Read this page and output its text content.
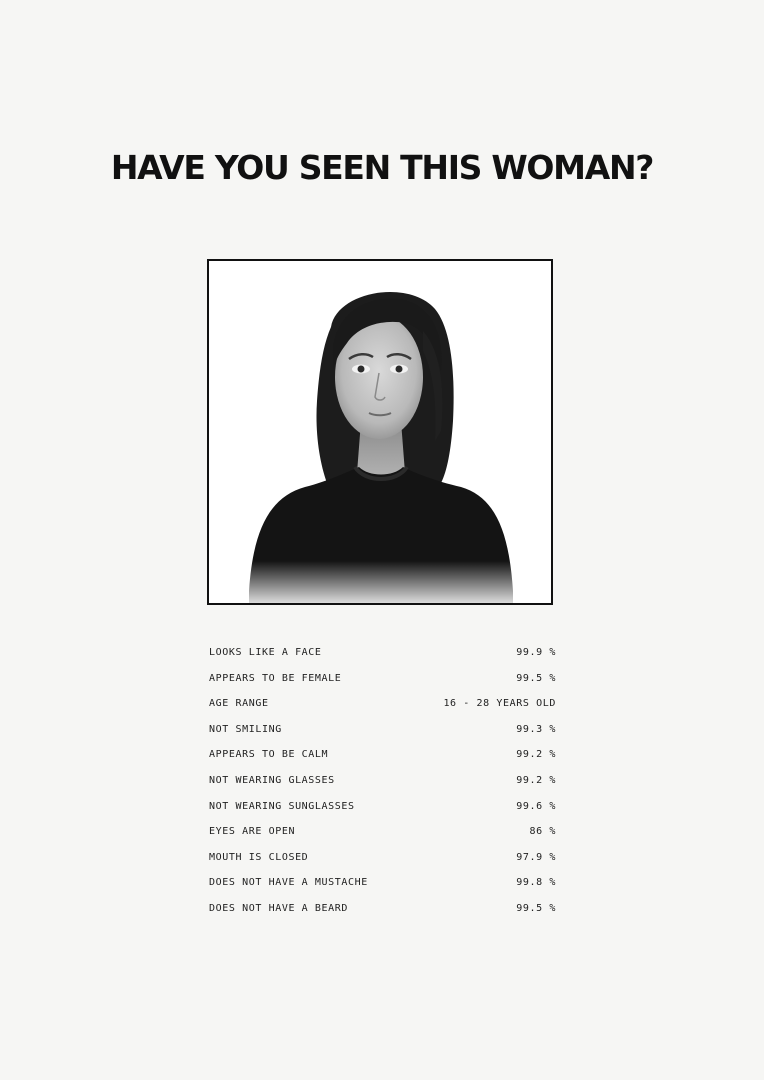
HAVE YOU SEEN THIS WOMAN?
LOOKS LIKE A FACE	99.9 %
APPEARS TO BE FEMALE	99.5 %
AGE RANGE	16 - 28 YEARS OLD
NOT SMILING	99.3 %
APPEARS TO BE CALM	99.2 %
NOT WEARING GLASSES	99.2 %
NOT WEARING SUNGLASSES	99.6 %
EYES ARE OPEN	86 %
MOUTH IS CLOSED	97.9 %
DOES NOT HAVE A MUSTACHE	99.8 %
DOES NOT HAVE A BEARD	99.5 %
